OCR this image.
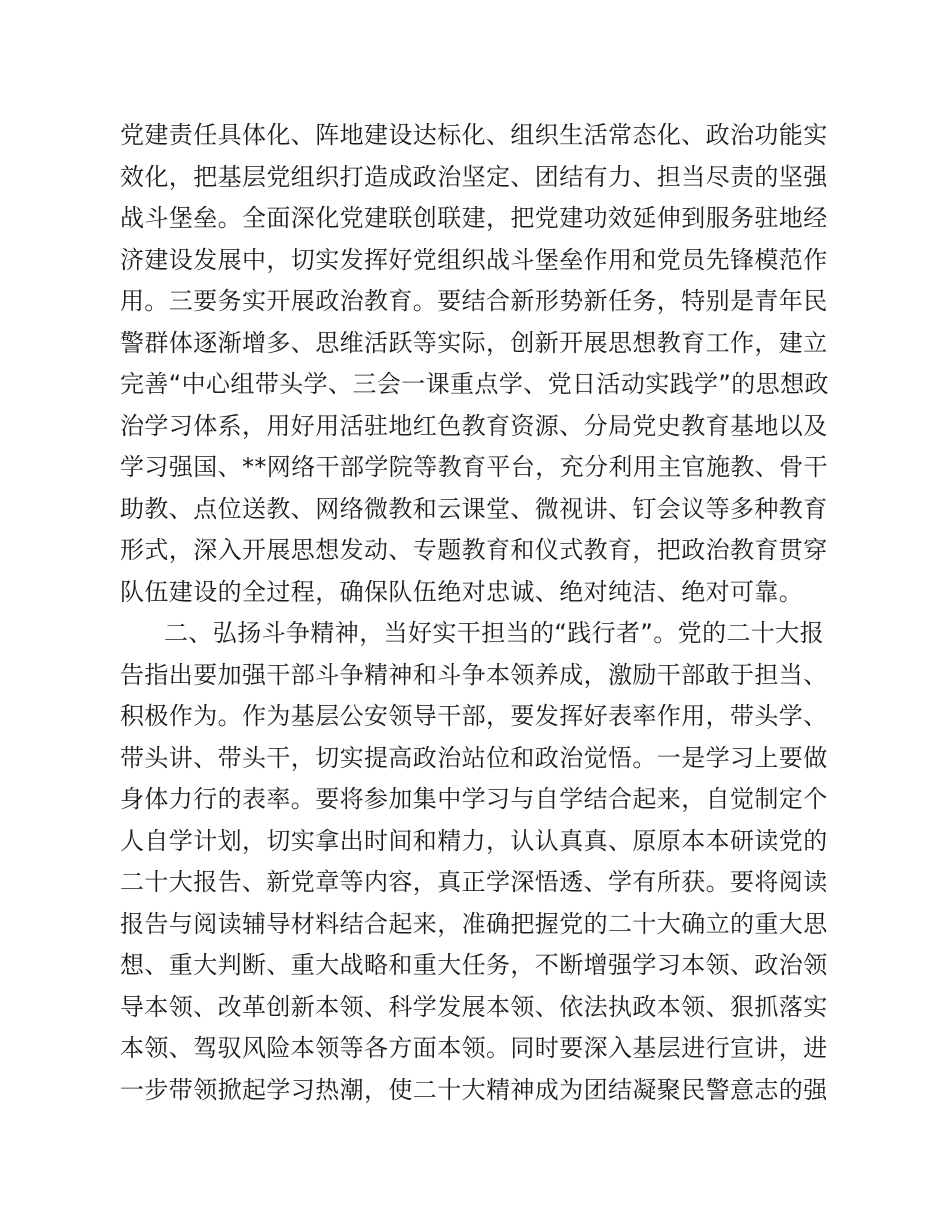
党建责任具体化、阵地建设达标化、组织生活常态化、政治功能实
效化，把基层党组织打造成政治坚定、团结有力、担当尽责的坚强
战斗堡垒。全面深化党建联创联建，把党建功效延伸到服务驻地经
济建设发展中，切实发挥好党组织战斗堡垒作用和党员先锋模范作
用。三要务实开展政治教育。要结合新形势新任务，特别是青年民
警群体逐渐增多、思维活跃等实际，创新开展思想教育工作，建立
完善“中心组带头学、三会一课重点学、党日活动实践学”的思想政
治学习体系，用好用活驻地红色教育资源、分局党史教育基地以及
学习强国、**网络干部学院等教育平台，充分利用主官施教、骨干
助教、点位送教、网络微教和云课堂、微视讲、钉会议等多种教育
形式，深入开展思想发动、专题教育和仪式教育，把政治教育贯穿
队伍建设的全过程，确保队伍绝对忠诚、绝对纯洁、绝对可靠。
二、弘扬斗争精神，当好实干担当的“践行者”。党的二十大报
告指出要加强干部斗争精神和斗争本领养成，激励干部敢于担当、
积极作为。作为基层公安领导干部，要发挥好表率作用，带头学、
带头讲、带头干，切实提高政治站位和政治觉悟。一是学习上要做
身体力行的表率。要将参加集中学习与自学结合起来，自觉制定个
人自学计划，切实拿出时间和精力，认认真真、原原本本研读党的
二十大报告、新党章等内容，真正学深悟透、学有所获。要将阅读
报告与阅读辅导材料结合起来，准确把握党的二十大确立的重大思
想、重大判断、重大战略和重大任务，不断增强学习本领、政治领
导本领、改革创新本领、科学发展本领、依法执政本领、狠抓落实
本领、驾驭风险本领等各方面本领。同时要深入基层进行宣讲，进
一步带领掀起学习热潮，使二十大精神成为团结凝聚民警意志的强
